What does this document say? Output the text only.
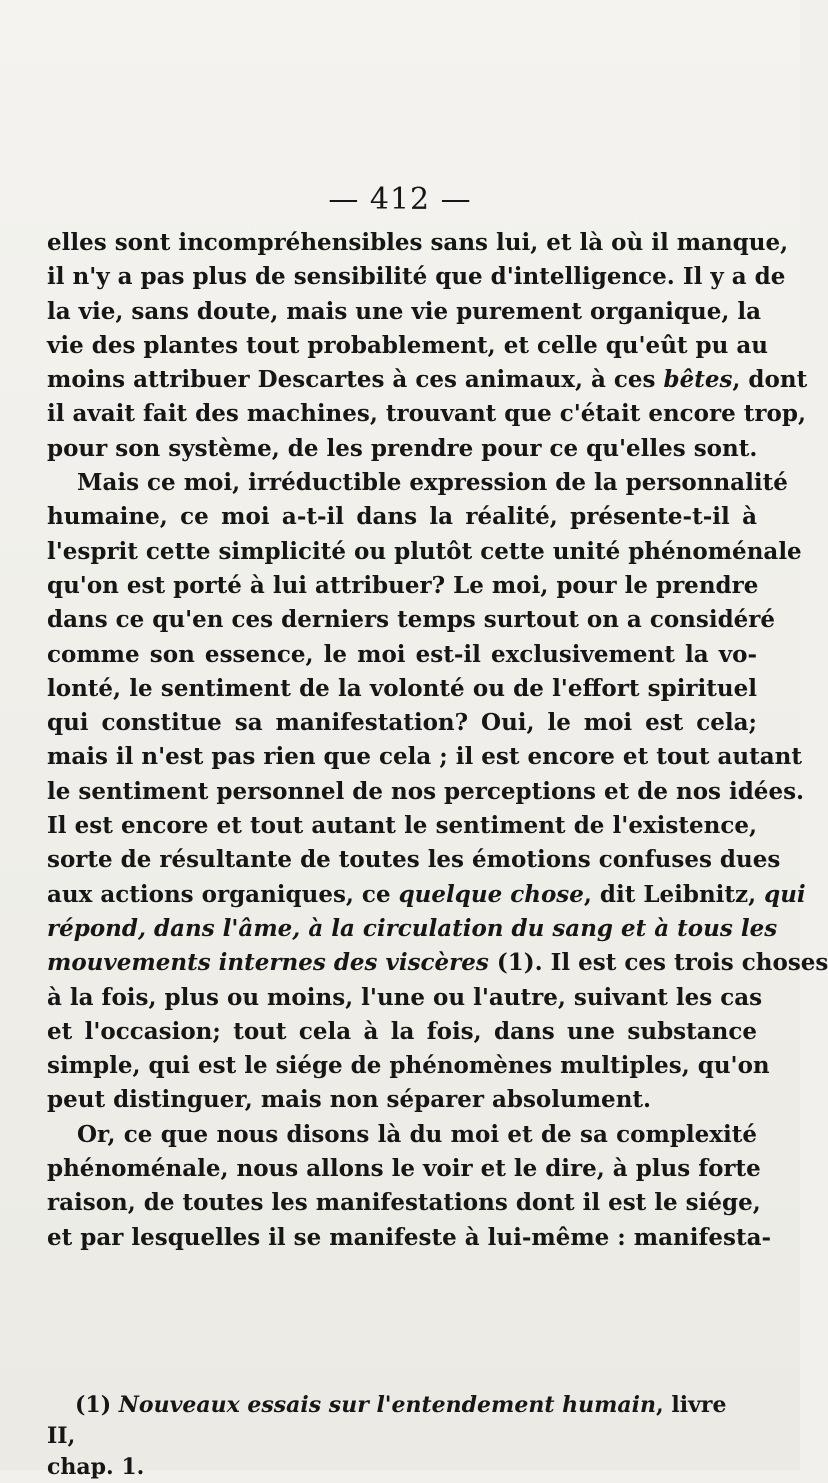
— 412 —
elles sont incompréhensibles sans lui, et là où il manque,
il n'y a pas plus de sensibilité que d'intelligence. Il y a de
la vie, sans doute, mais une vie purement organique, la
vie des plantes tout probablement, et celle qu'eût pu au
moins attribuer Descartes à ces animaux, à ces bêtes, dont
il avait fait des machines, trouvant que c'était encore trop,
pour son système, de les prendre pour ce qu'elles sont.
Mais ce moi, irréductible expression de la personnalité
humaine, ce moi a-t-il dans la réalité, présente-t-il à
l'esprit cette simplicité ou plutôt cette unité phénoménale
qu'on est porté à lui attribuer? Le moi, pour le prendre
dans ce qu'en ces derniers temps surtout on a considéré
comme son essence, le moi est-il exclusivement la vo-
lonté, le sentiment de la volonté ou de l'effort spirituel
qui constitue sa manifestation? Oui, le moi est cela;
mais il n'est pas rien que cela ; il est encore et tout autant
le sentiment personnel de nos perceptions et de nos idées.
Il est encore et tout autant le sentiment de l'existence,
sorte de résultante de toutes les émotions confuses dues
aux actions organiques, ce quelque chose, dit Leibnitz, qui
répond, dans l'âme, à la circulation du sang et à tous les
mouvements internes des viscères (1). Il est ces trois choses
à la fois, plus ou moins, l'une ou l'autre, suivant les cas
et l'occasion; tout cela à la fois, dans une substance
simple, qui est le siége de phénomènes multiples, qu'on
peut distinguer, mais non séparer absolument.
Or, ce que nous disons là du moi et de sa complexité
phénoménale, nous allons le voir et le dire, à plus forte
raison, de toutes les manifestations dont il est le siége,
et par lesquelles il se manifeste à lui-même : manifesta-
(1) Nouveaux essais sur l'entendement humain, livre II,
chap. 1.
